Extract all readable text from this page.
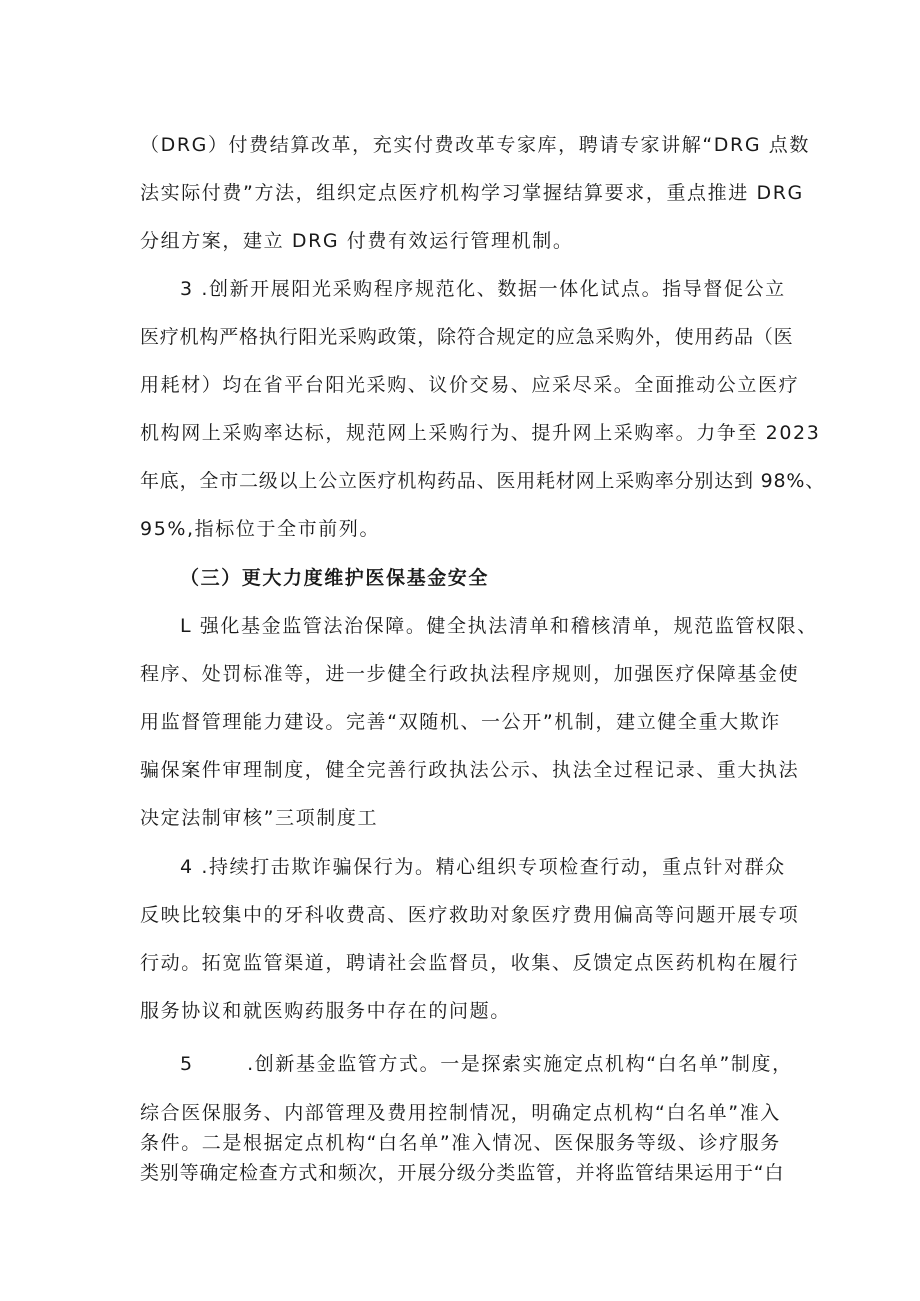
（DRG）付费结算改革，充实付费改革专家库，聘请专家讲解“DRG 点数
法实际付费”方法，组织定点医疗机构学习掌握结算要求，重点推进 DRG
分组方案，建立 DRG 付费有效运行管理机制。
3 .创新开展阳光采购程序规范化、数据一体化试点。指导督促公立
医疗机构严格执行阳光采购政策，除符合规定的应急采购外，使用药品（医
用耗材）均在省平台阳光采购、议价交易、应采尽采。全面推动公立医疗
机构网上采购率达标，规范网上采购行为、提升网上采购率。力争至 2023
年底，全市二级以上公立医疗机构药品、医用耗材网上采购率分别达到 98%、
95%,指标位于全市前列。
（三）更大力度维护医保基金安全
L 强化基金监管法治保障。健全执法清单和稽核清单，规范监管权限、
程序、处罚标准等，进一步健全行政执法程序规则，加强医疗保障基金使
用监督管理能力建设。完善“双随机、一公开”机制，建立健全重大欺诈
骗保案件审理制度，健全完善行政执法公示、执法全过程记录、重大执法
决定法制审核”三项制度工
4 .持续打击欺诈骗保行为。精心组织专项检查行动，重点针对群众
反映比较集中的牙科收费高、医疗救助对象医疗费用偏高等问题开展专项
行动。拓宽监管渠道，聘请社会监督员，收集、反馈定点医药机构在履行
服务协议和就医购药服务中存在的问题。
5       .创新基金监管方式。一是探索实施定点机构“白名单”制度，
综合医保服务、内部管理及费用控制情况，明确定点机构“白名单”准入
条件。二是根据定点机构“白名单”准入情况、医保服务等级、诊疗服务
类别等确定检查方式和频次，开展分级分类监管，并将监管结果运用于“白
